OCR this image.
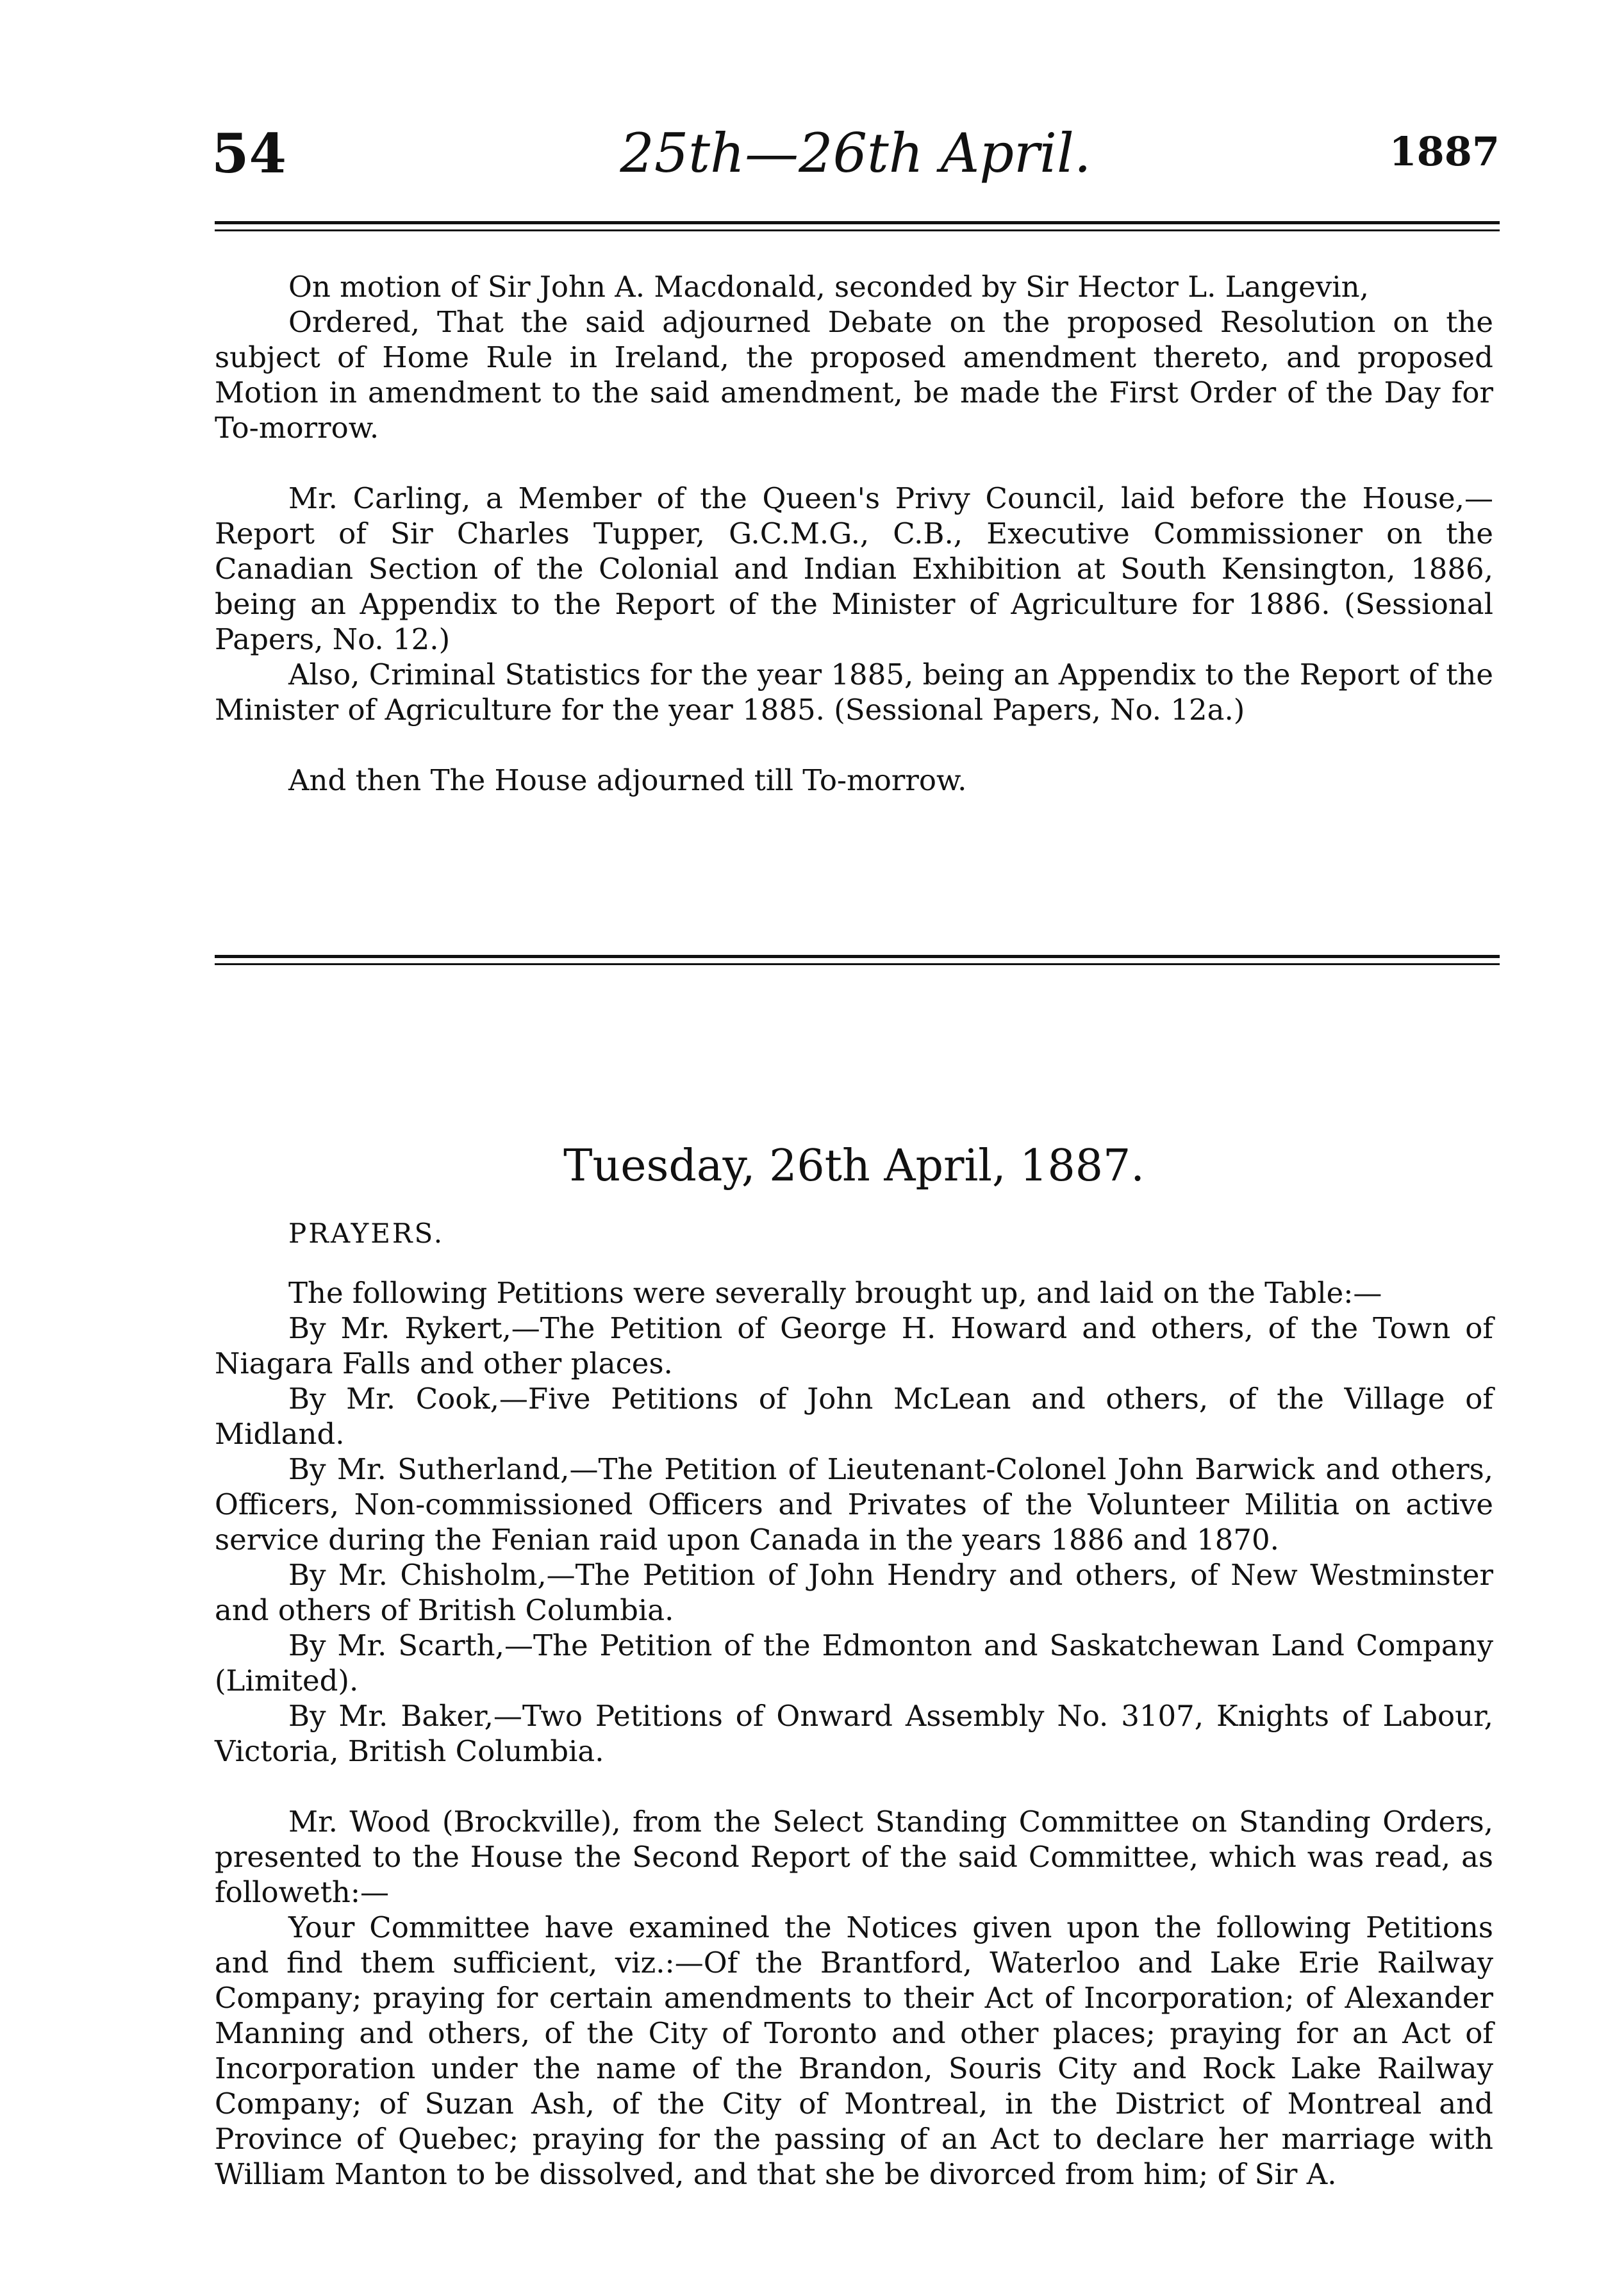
54	25th—26th April.	1887

On motion of Sir John A. Macdonald, seconded by Sir Hector L. Langevin,

Ordered, That the said adjourned Debate on the proposed Resolution on the subject of Home Rule in Ireland, the proposed amendment thereto, and proposed Motion in amendment to the said amendment, be made the First Order of the Day for To-morrow.

Mr. Carling, a Member of the Queen's Privy Council, laid before the House,—Report of Sir Charles Tupper, G.C.M.G., C.B., Executive Commissioner on the Canadian Section of the Colonial and Indian Exhibition at South Kensington, 1886, being an Appendix to the Report of the Minister of Agriculture for 1886. (Sessional Papers, No. 12.)

Also, Criminal Statistics for the year 1885, being an Appendix to the Report of the Minister of Agriculture for the year 1885. (Sessional Papers, No. 12a.)

And then The House adjourned till To-morrow.

Tuesday, 26th April, 1887.
PRAYERS.

The following Petitions were severally brought up, and laid on the Table:—

By Mr. Rykert,—The Petition of George H. Howard and others, of the Town of Niagara Falls and other places.

By Mr. Cook,—Five Petitions of John McLean and others, of the Village of Midland.

By Mr. Sutherland,—The Petition of Lieutenant-Colonel John Barwick and others, Officers, Non-commissioned Officers and Privates of the Volunteer Militia on active service during the Fenian raid upon Canada in the years 1886 and 1870.

By Mr. Chisholm,—The Petition of John Hendry and others, of New Westminster and others of British Columbia.

By Mr. Scarth,—The Petition of the Edmonton and Saskatchewan Land Company (Limited).

By Mr. Baker,—Two Petitions of Onward Assembly No. 3107, Knights of Labour, Victoria, British Columbia.

Mr. Wood (Brockville), from the Select Standing Committee on Standing Orders, presented to the House the Second Report of the said Committee, which was read, as followeth:—

Your Committee have examined the Notices given upon the following Petitions and find them sufficient, viz.:—Of the Brantford, Waterloo and Lake Erie Railway Company; praying for certain amendments to their Act of Incorporation; of Alexander Manning and others, of the City of Toronto and other places; praying for an Act of Incorporation under the name of the Brandon, Souris City and Rock Lake Railway Company; of Suzan Ash, of the City of Montreal, in the District of Montreal and Province of Quebec; praying for the passing of an Act to declare her marriage with William Manton to be dissolved, and that she be divorced from him; of Sir A.
